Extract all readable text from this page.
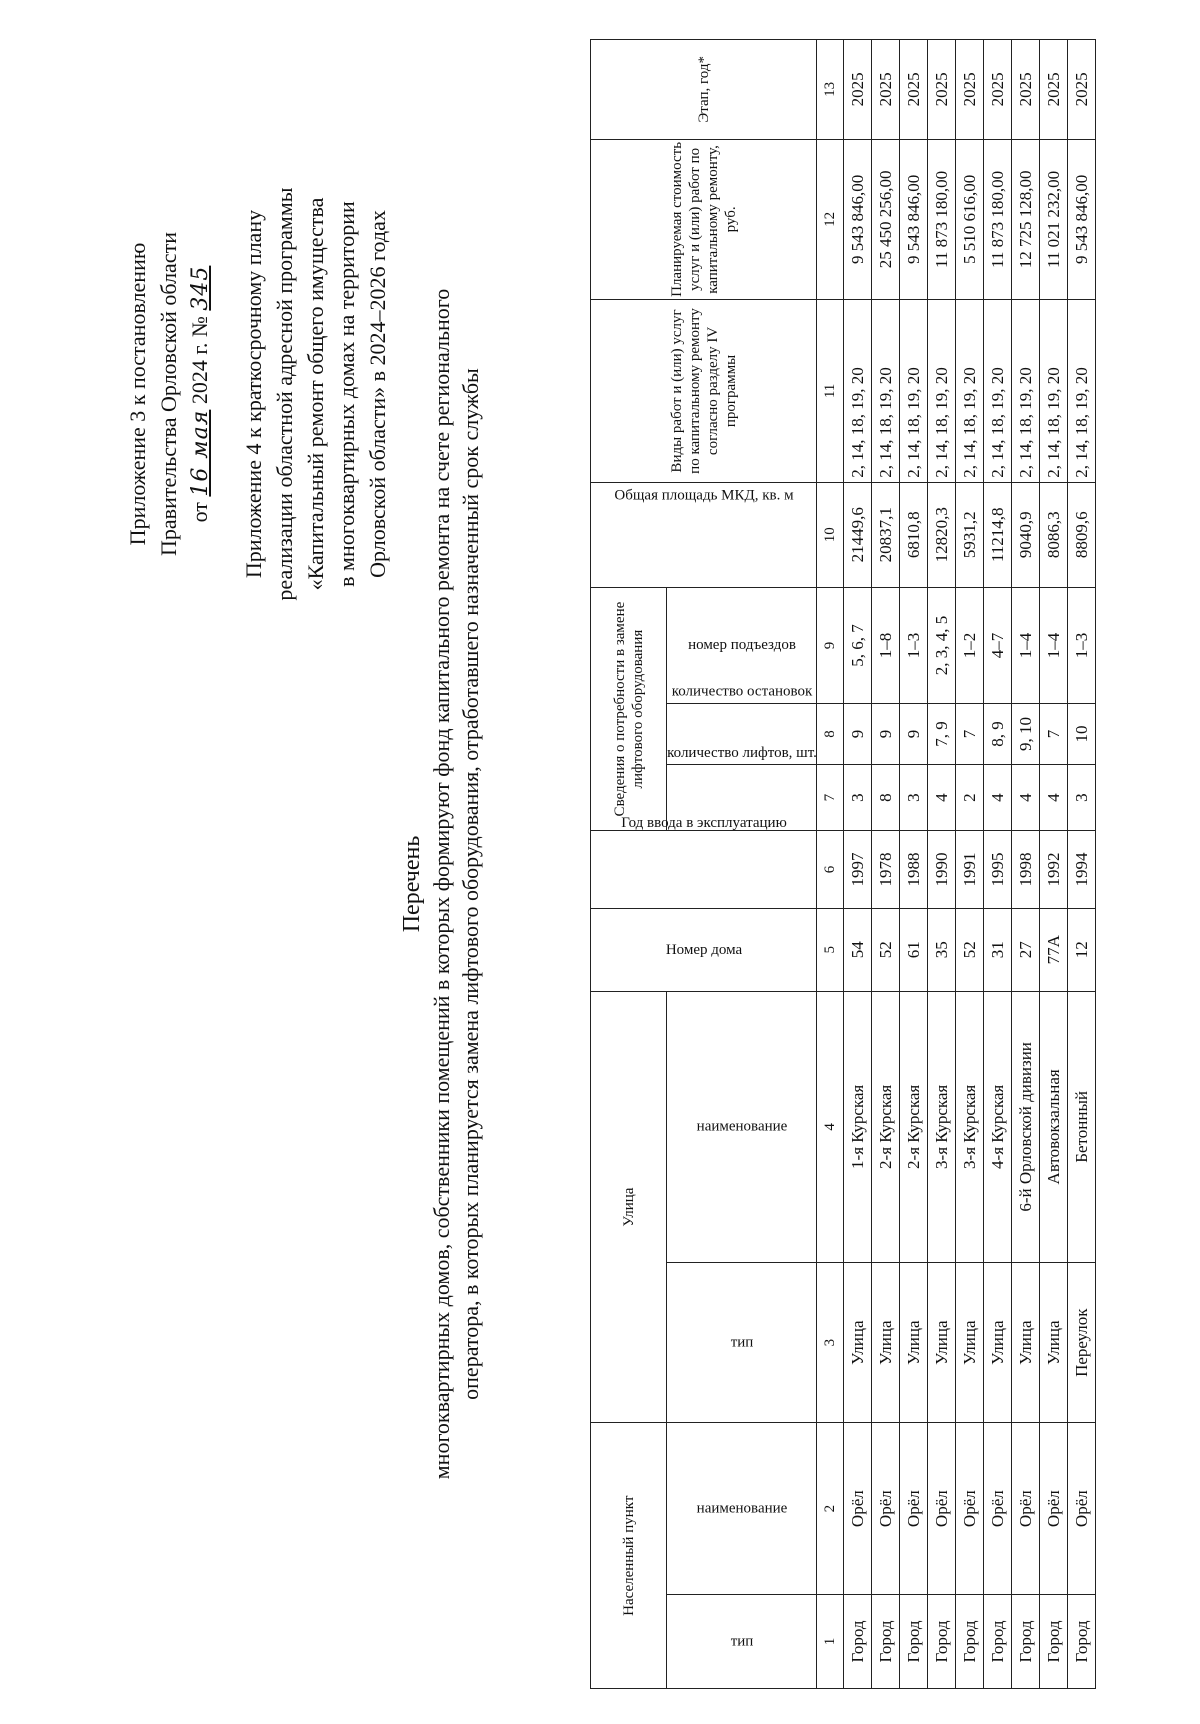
Приложение 3 к постановлению Правительства Орловской области от 16 мая 2024 г. № 345 Приложение 4 к краткосрочному плану реализации областной адресной программы «Капитальный ремонт общего имущества в многоквартирных домах на территории Орловской области» в 2024–2026 годах
Перечень многоквартирных домов, собственники помещений в которых формируют фонд капитального ремонта на счете регионального оператора, в которых планируется замена лифтового оборудования, отработавшего назначенный срок службы
Населенный пункт		Улица		Номер дома	Год ввода в эксплуатацию	Сведения о потребности в замене лифтового оборудования			Общая площадь МКД, кв. м	Виды работ и (или) услуг по капитальному ремонту согласно разделу IV программы	Планируемая стоимость услуг и (или) работ по капитальному ремонту, руб.	Этап, год*
тип	наименование	тип	наименование			количество лифтов, шт.	количество остановок	номер подъездов				
1	2	3	4	5	6	7	8	9	10	11	12	13
Город	Орёл	Улица	1-я Курская	54	1997	3	9	5, 6, 7	21449,6	2, 14, 18, 19, 20	9 543 846,00	2025
Город	Орёл	Улица	2-я Курская	52	1978	8	9	1–8	20837,1	2, 14, 18, 19, 20	25 450 256,00	2025
Город	Орёл	Улица	2-я Курская	61	1988	3	9	1–3	6810,8	2, 14, 18, 19, 20	9 543 846,00	2025
Город	Орёл	Улица	3-я Курская	35	1990	4	7, 9	2, 3, 4, 5	12820,3	2, 14, 18, 19, 20	11 873 180,00	2025
Город	Орёл	Улица	3-я Курская	52	1991	2	7	1–2	5931,2	2, 14, 18, 19, 20	5 510 616,00	2025
Город	Орёл	Улица	4-я Курская	31	1995	4	8, 9	4–7	11214,8	2, 14, 18, 19, 20	11 873 180,00	2025
Город	Орёл	Улица	6-й Орловской дивизии	27	1998	4	9, 10	1–4	9040,9	2, 14, 18, 19, 20	12 725 128,00	2025
Город	Орёл	Улица	Автовокзальная	77А	1992	4	7	1–4	8086,3	2, 14, 18, 19, 20	11 021 232,00	2025
Город	Орёл	Переулок	Бетонный	12	1994	3	10	1–3	8809,6	2, 14, 18, 19, 20	9 543 846,00	2025
